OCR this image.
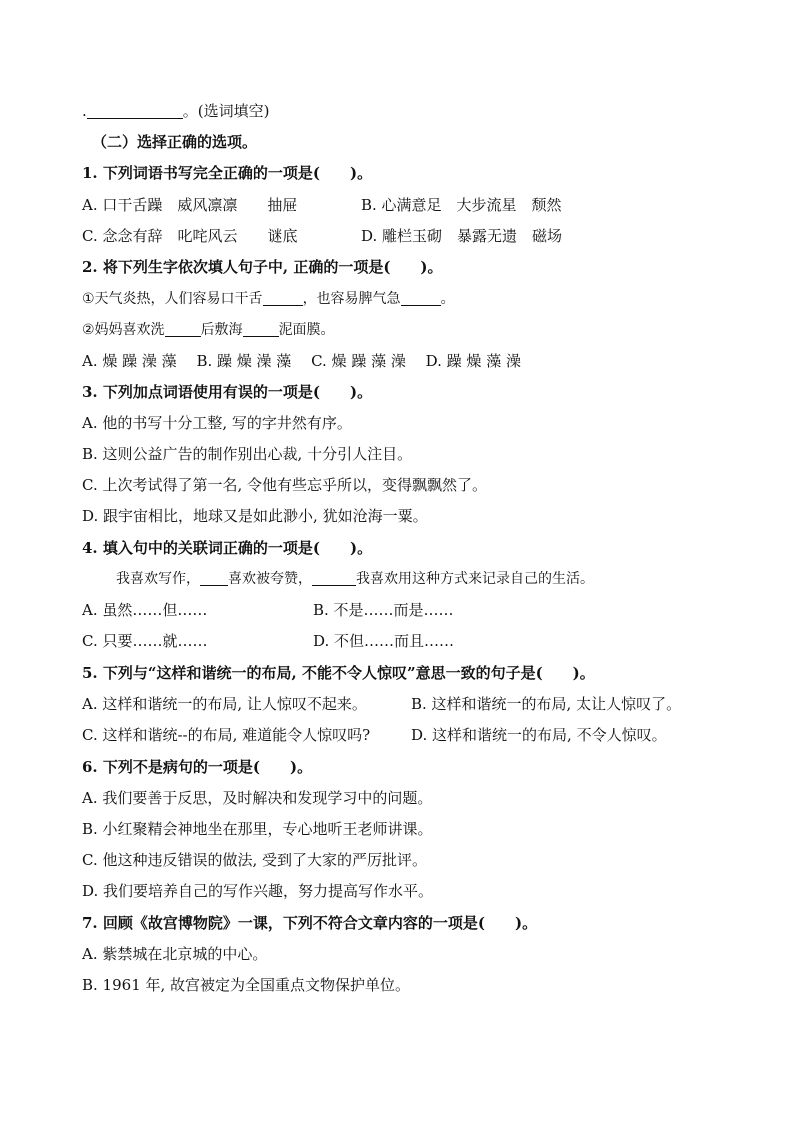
.	。(选词填空)
（二）选择正确的选项。
1. 下列词语书写完全正确的一项是(　　)。
A. 口干舌躁　威风凛凛　　抽屉	B. 心满意足　大步流星　颓然
C. 念念有辞　叱咤风云　　谜底	D. 雕栏玉砌　暴露无遗　磁场
2. 将下列生字依次填人句子中, 正确的一项是(　　)。
①天气炎热，人们容易口干舌	，也容易脾气急	。
②妈妈喜欢洗	后敷海	泥面膜。
A. 燥 躁 澡 藻　 B. 躁 燥 澡 藻　 C. 燥 躁 藻 澡　 D. 躁 燥 藻 澡
3. 下列加点词语使用有误的一项是(　　)。
A. 他的书写十分工整, 写的字井然有序。
B. 这则公益广告的制作别出心裁, 十分引人注目。
C. 上次考试得了第一名, 令他有些忘乎所以，变得飘飘然了。
D. 跟宇宙相比，地球又是如此渺小, 犹如沧海一粟。
4. 填入句中的关联词正确的一项是(　　)。
我喜欢写作， 喜欢被夸赞，	我喜欢用这种方式来记录自己的生活。
A. 虽然……但……	B. 不是……而是……
C. 只要……就……	D. 不但……而且……
5. 下列与“这样和谐统一的布局, 不能不令人惊叹”意思一致的句子是(　　)。
A. 这样和谐统一的布局, 让人惊叹不起来。	B. 这样和谐统一的布局, 太让人惊叹了。
C. 这样和谐统--的布局, 难道能令人惊叹吗?	D. 这样和谐统一的布局, 不令人惊叹。
6. 下列不是病句的一项是(　　)。
A. 我们要善于反思，及时解决和发现学习中的问题。
B. 小红聚精会神地坐在那里，专心地听王老师讲课。
C. 他这种违反错误的做法, 受到了大家的严厉批评。
D. 我们要培养自己的写作兴趣，努力提高写作水平。
7. 回顾《故宫博物院》一课，下列不符合文章内容的一项是(　　)。
A. 紫禁城在北京城的中心。
B. 1961 年, 故宫被定为全国重点文物保护单位。
